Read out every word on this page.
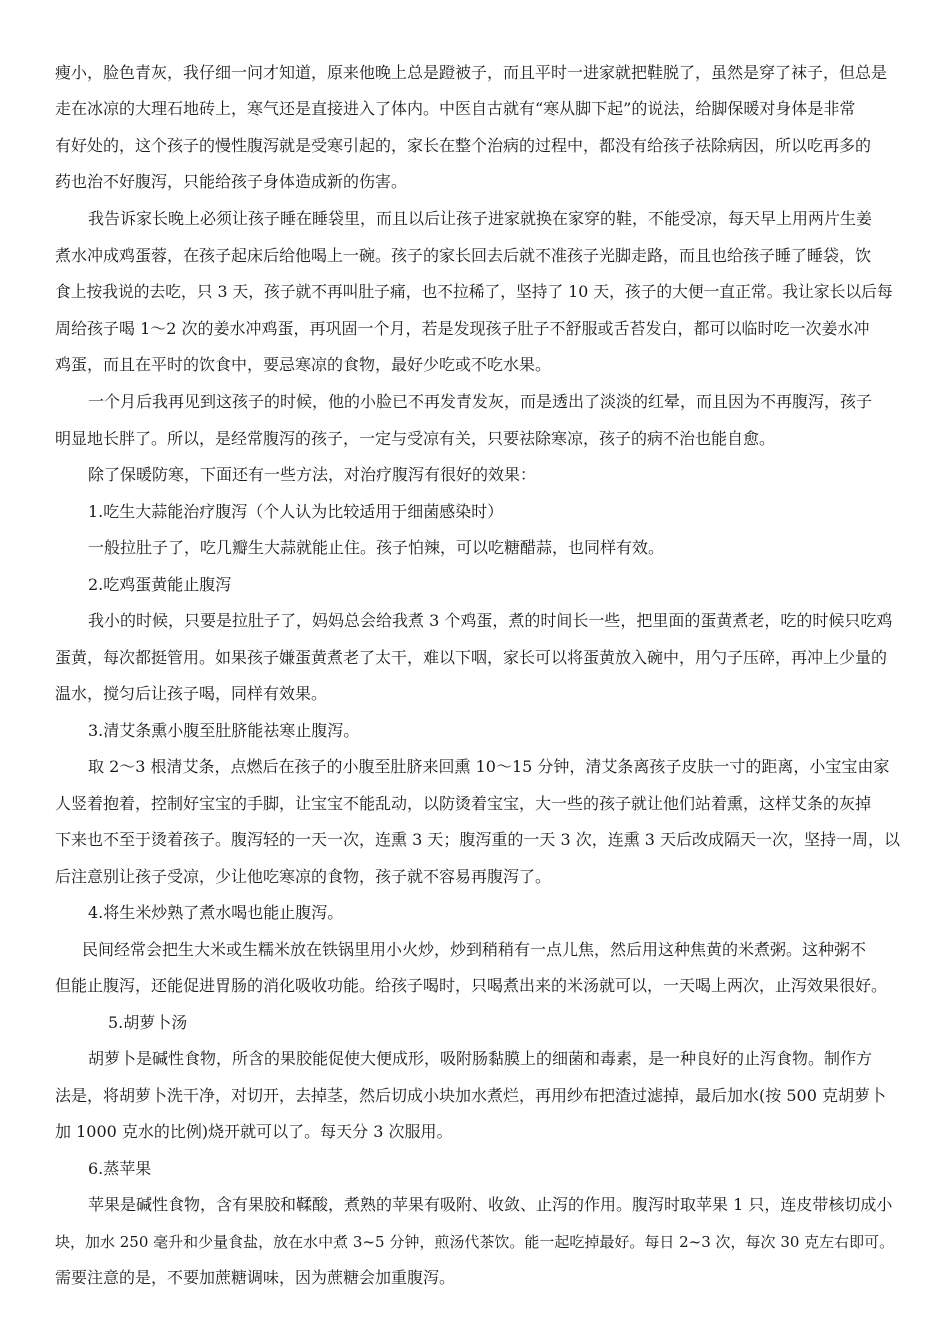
瘦小，脸色青灰，我仔细一问才知道，原来他晚上总是蹬被子，而且平时一进家就把鞋脱了，虽然是穿了袜子，但总是

走在冰凉的大理石地砖上，寒气还是直接进入了体内。中医自古就有“寒从脚下起”的说法，给脚保暖对身体是非常

有好处的，这个孩子的慢性腹泻就是受寒引起的，家长在整个治病的过程中，都没有给孩子祛除病因，所以吃再多的

药也治不好腹泻，只能给孩子身体造成新的伤害。

我告诉家长晚上必须让孩子睡在睡袋里，而且以后让孩子进家就换在家穿的鞋，不能受凉，每天早上用两片生姜

煮水冲成鸡蛋蓉，在孩子起床后给他喝上一碗。孩子的家长回去后就不准孩子光脚走路，而且也给孩子睡了睡袋，饮

食上按我说的去吃，只 3 天，孩子就不再叫肚子痛，也不拉稀了，坚持了 10 天，孩子的大便一直正常。我让家长以后每

周给孩子喝 1～2 次的姜水冲鸡蛋，再巩固一个月，若是发现孩子肚子不舒服或舌苔发白，都可以临时吃一次姜水冲

鸡蛋，而且在平时的饮食中，要忌寒凉的食物，最好少吃或不吃水果。

一个月后我再见到这孩子的时候，他的小脸已不再发青发灰，而是透出了淡淡的红晕，而且因为不再腹泻，孩子

明显地长胖了。所以，是经常腹泻的孩子，一定与受凉有关，只要祛除寒凉，孩子的病不治也能自愈。

除了保暖防寒，下面还有一些方法，对治疗腹泻有很好的效果：

1.吃生大蒜能治疗腹泻（个人认为比较适用于细菌感染时）

一般拉肚子了，吃几瓣生大蒜就能止住。孩子怕辣，可以吃糖醋蒜，也同样有效。

2.吃鸡蛋黄能止腹泻

我小的时候，只要是拉肚子了，妈妈总会给我煮 3 个鸡蛋，煮的时间长一些，把里面的蛋黄煮老，吃的时候只吃鸡

蛋黄，每次都挺管用。如果孩子嫌蛋黄煮老了太干，难以下咽，家长可以将蛋黄放入碗中，用勺子压碎，再冲上少量的

温水，搅匀后让孩子喝，同样有效果。

3.清艾条熏小腹至肚脐能祛寒止腹泻。

取 2～3 根清艾条，点燃后在孩子的小腹至肚脐来回熏 10～15 分钟，清艾条离孩子皮肤一寸的距离，小宝宝由家

人竖着抱着，控制好宝宝的手脚，让宝宝不能乱动，以防烫着宝宝，大一些的孩子就让他们站着熏，这样艾条的灰掉

下来也不至于烫着孩子。腹泻轻的一天一次，连熏 3 天；腹泻重的一天 3 次，连熏 3 天后改成隔天一次，坚持一周，以

后注意别让孩子受凉，少让他吃寒凉的食物，孩子就不容易再腹泻了。

4.将生米炒熟了煮水喝也能止腹泻。

民间经常会把生大米或生糯米放在铁锅里用小火炒，炒到稍稍有一点儿焦，然后用这种焦黄的米煮粥。这种粥不

但能止腹泻，还能促进胃肠的消化吸收功能。给孩子喝时，只喝煮出来的米汤就可以，一天喝上两次，止泻效果很好。

5.胡萝卜汤

胡萝卜是碱性食物，所含的果胶能促使大便成形，吸附肠黏膜上的细菌和毒素，是一种良好的止泻食物。制作方

法是，将胡萝卜洗干净，对切开，去掉茎，然后切成小块加水煮烂，再用纱布把渣过滤掉，最后加水(按 500 克胡萝卜

加 1000 克水的比例)烧开就可以了。每天分 3 次服用。

6.蒸苹果

苹果是碱性食物，含有果胶和鞣酸，煮熟的苹果有吸附、收敛、止泻的作用。腹泻时取苹果 1 只，连皮带核切成小

块，加水 250 毫升和少量食盐，放在水中煮 3~5 分钟，煎汤代茶饮。能一起吃掉最好。每日 2~3 次，每次 30 克左右即可。

需要注意的是，不要加蔗糖调味，因为蔗糖会加重腹泻。
